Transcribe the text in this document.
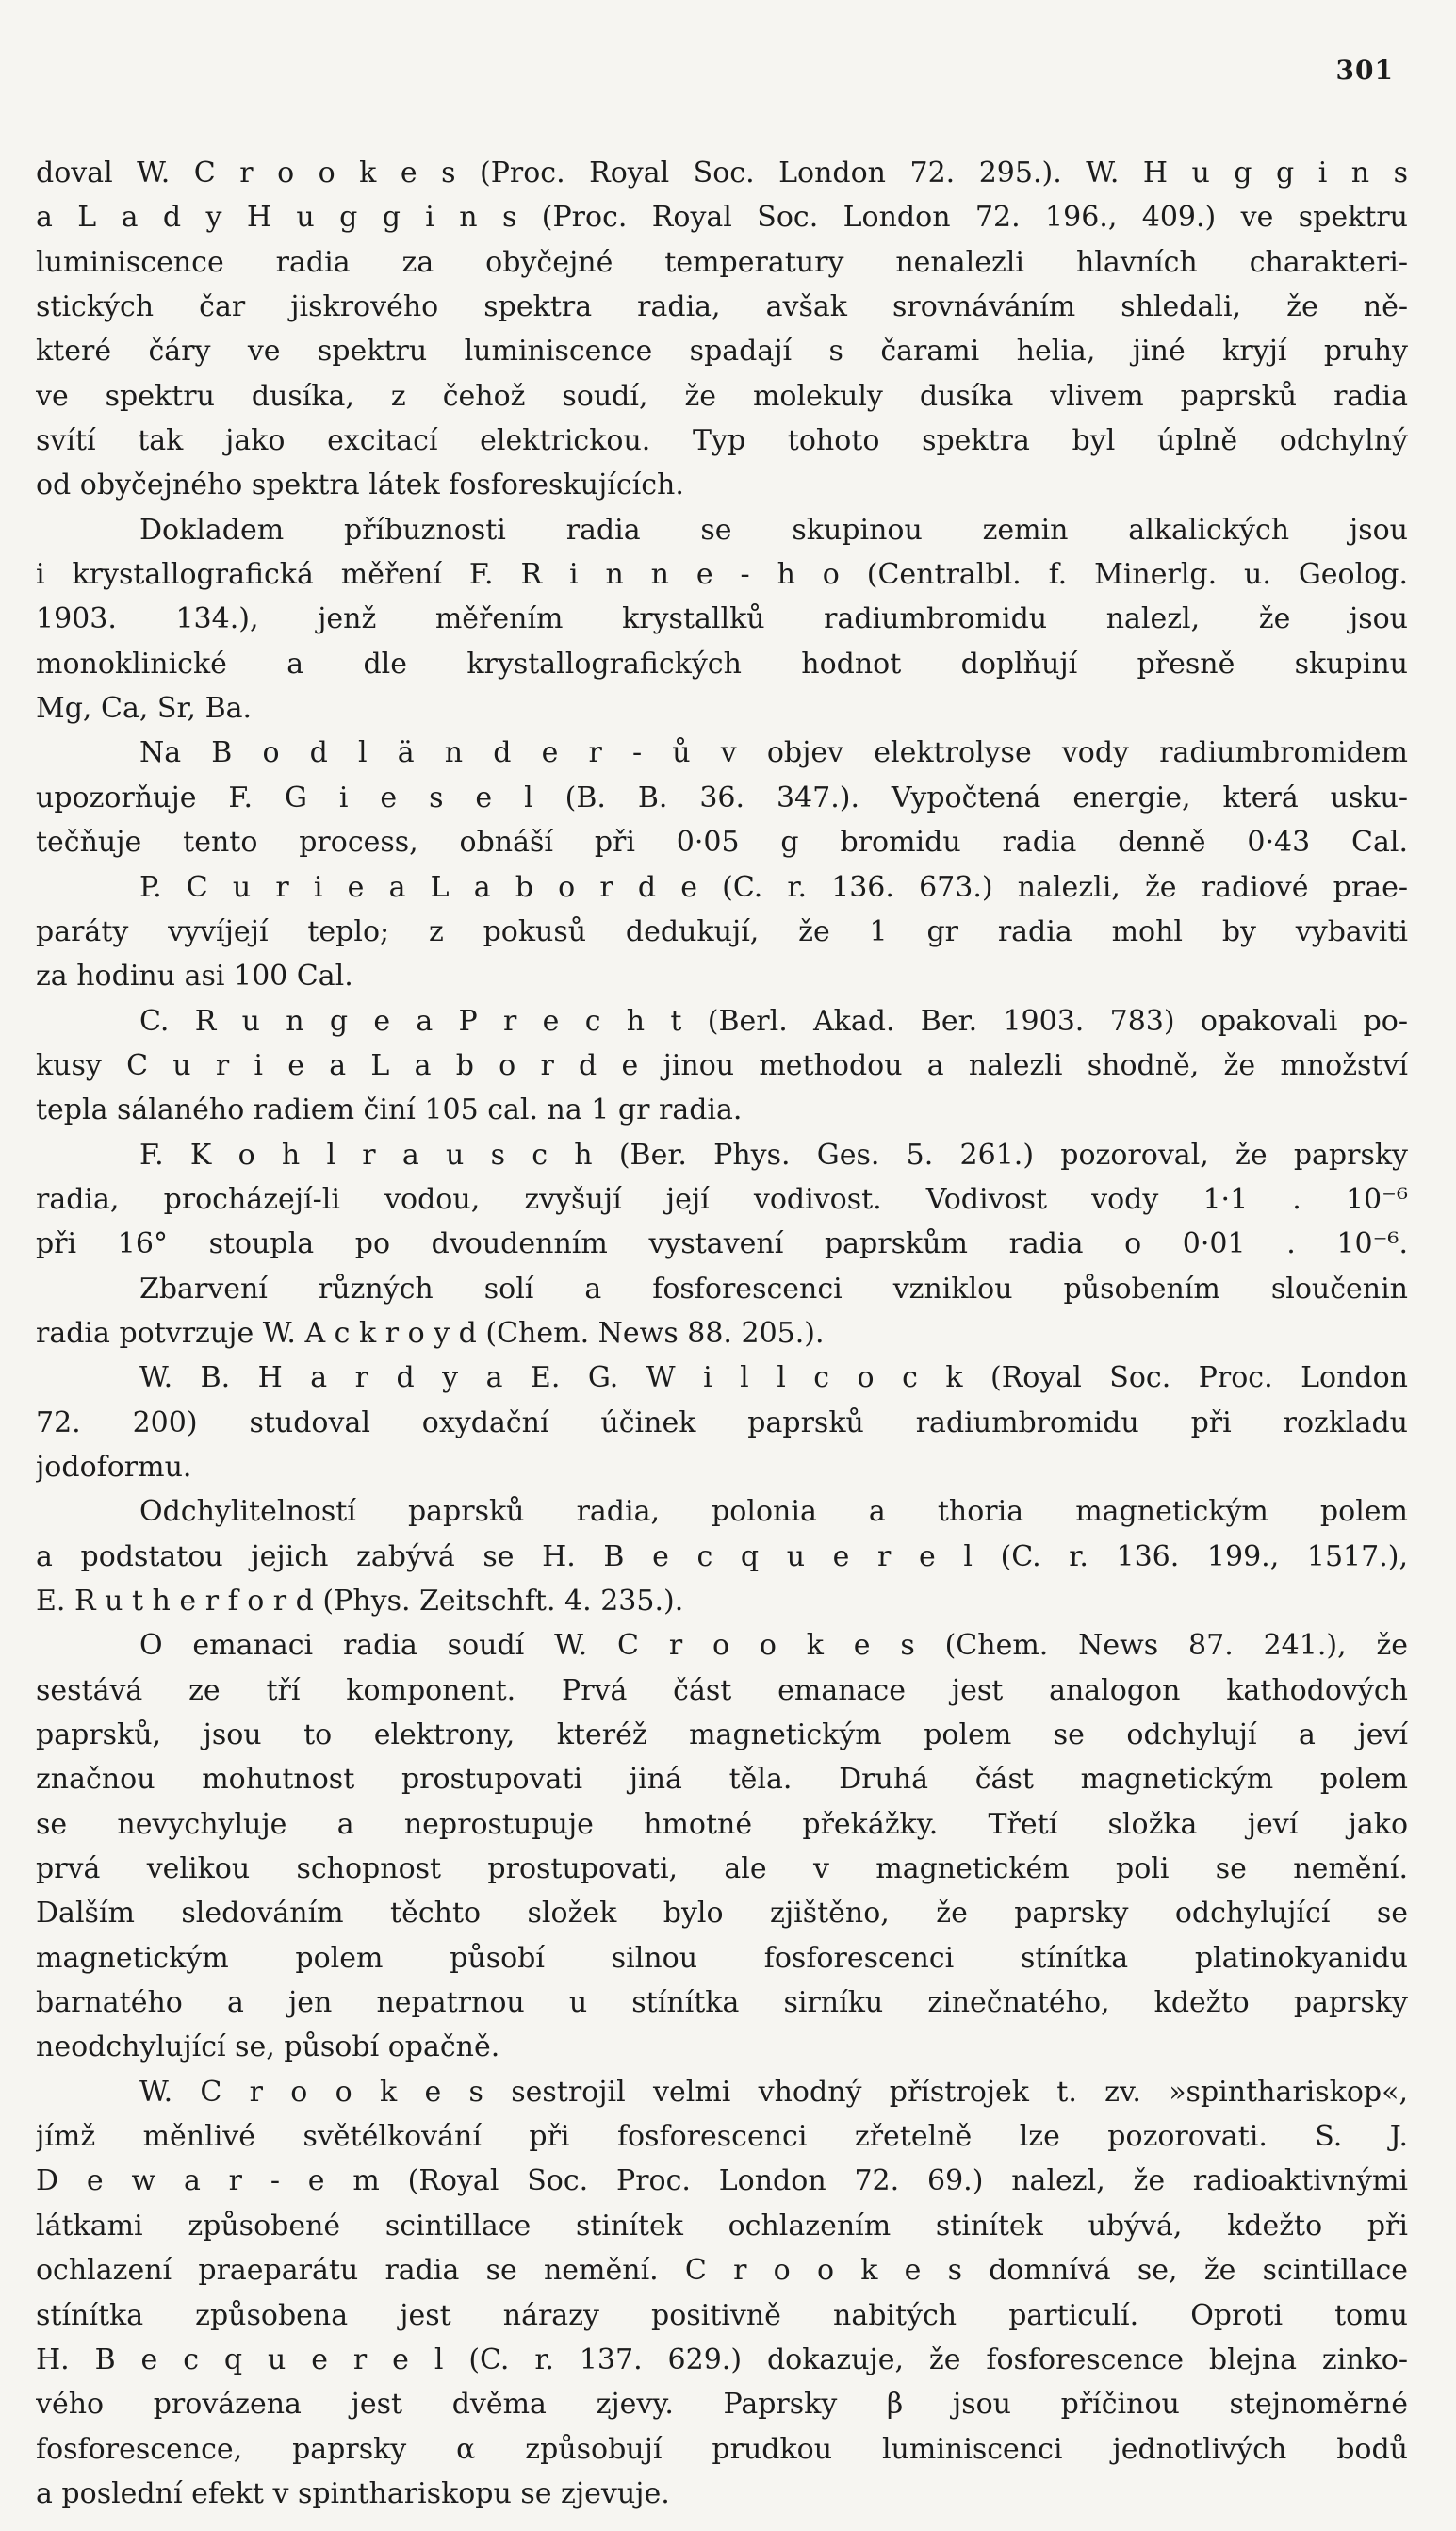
301
doval W. C r o o k e s (Proc. Royal Soc. London 72. 295.). W. H u g g i n s
a L a d y H u g g i n s (Proc. Royal Soc. London 72. 196., 409.) ve spektru
luminiscence radia za obyčejné temperatury nenalezli hlavních charakteri-
stických čar jiskrového spektra radia, avšak srovnáváním shledali, že ně-
které čáry ve spektru luminiscence spadají s čarami helia, jiné kryjí pruhy
ve spektru dusíka, z čehož soudí, že molekuly dusíka vlivem paprsků radia
svítí tak jako excitací elektrickou. Typ tohoto spektra byl úplně odchylný
od obyčejného spektra látek fosforeskujících.
Dokladem příbuznosti radia se skupinou zemin alkalických jsou
i krystallografická měření F. R i n n e - h o (Centralbl. f. Minerlg. u. Geolog.
1903. 134.), jenž měřením krystallků radiumbromidu nalezl, že jsou
monoklinické a dle krystallografických hodnot doplňují přesně skupinu
Mg, Ca, Sr, Ba.
Na B o d l ä n d e r - ů v objev elektrolyse vody radiumbromidem
upozorňuje F. G i e s e l (B. B. 36. 347.). Vypočtená energie, která usku-
tečňuje tento process, obnáší při 0·05 g bromidu radia denně 0·43 Cal.
P. C u r i e a L a b o r d e (C. r. 136. 673.) nalezli, že radiové prae-
paráty vyvíjejí teplo; z pokusů dedukují, že 1 gr radia mohl by vybaviti
za hodinu asi 100 Cal.
C. R u n g e a P r e c h t (Berl. Akad. Ber. 1903. 783) opakovali po-
kusy C u r i e a L a b o r d e jinou methodou a nalezli shodně, že množství
tepla sálaného radiem činí 105 cal. na 1 gr radia.
F. K o h l r a u s c h (Ber. Phys. Ges. 5. 261.) pozoroval, že paprsky
radia, procházejí-li vodou, zvyšují její vodivost. Vodivost vody 1·1 . 10⁻⁶
při 16° stoupla po dvoudenním vystavení paprskům radia o 0·01 . 10⁻⁶.
Zbarvení různých solí a fosforescenci vzniklou působením sloučenin
radia potvrzuje W. A c k r o y d (Chem. News 88. 205.).
W. B. H a r d y a E. G. W i l l c o c k (Royal Soc. Proc. London
72. 200) studoval oxydační účinek paprsků radiumbromidu při rozkladu
jodoformu.
Odchylitelností paprsků radia, polonia a thoria magnetickým polem
a podstatou jejich zabývá se H. B e c q u e r e l (C. r. 136. 199., 1517.),
E. R u t h e r f o r d (Phys. Zeitschft. 4. 235.).
O emanaci radia soudí W. C r o o k e s (Chem. News 87. 241.), že
sestává ze tří komponent. Prvá část emanace jest analogon kathodových
paprsků, jsou to elektrony, kteréž magnetickým polem se odchylují a jeví
značnou mohutnost prostupovati jiná těla. Druhá část magnetickým polem
se nevychyluje a neprostupuje hmotné překážky. Třetí složka jeví jako
prvá velikou schopnost prostupovati, ale v magnetickém poli se nemění.
Dalším sledováním těchto složek bylo zjištěno, že paprsky odchylující se
magnetickým polem působí silnou fosforescenci stínítka platinokyanidu
barnatého a jen nepatrnou u stínítka sirníku zinečnatého, kdežto paprsky
neodchylující se, působí opačně.
W. C r o o k e s sestrojil velmi vhodný přístrojek t. zv. »spinthariskop«,
jímž měnlivé světélkování při fosforescenci zřetelně lze pozorovati. S. J.
D e w a r - e m (Royal Soc. Proc. London 72. 69.) nalezl, že radioaktivnými
látkami způsobené scintillace stinítek ochlazením stinítek ubývá, kdežto při
ochlazení praeparátu radia se nemění. C r o o k e s domnívá se, že scintillace
stínítka způsobena jest nárazy positivně nabitých particulí. Oproti tomu
H. B e c q u e r e l (C. r. 137. 629.) dokazuje, že fosforescence blejna zinko-
vého provázena jest dvěma zjevy. Paprsky β jsou příčinou stejnoměrné
fosforescence, paprsky α způsobují prudkou luminiscenci jednotlivých bodů
a poslední efekt v spinthariskopu se zjevuje.
